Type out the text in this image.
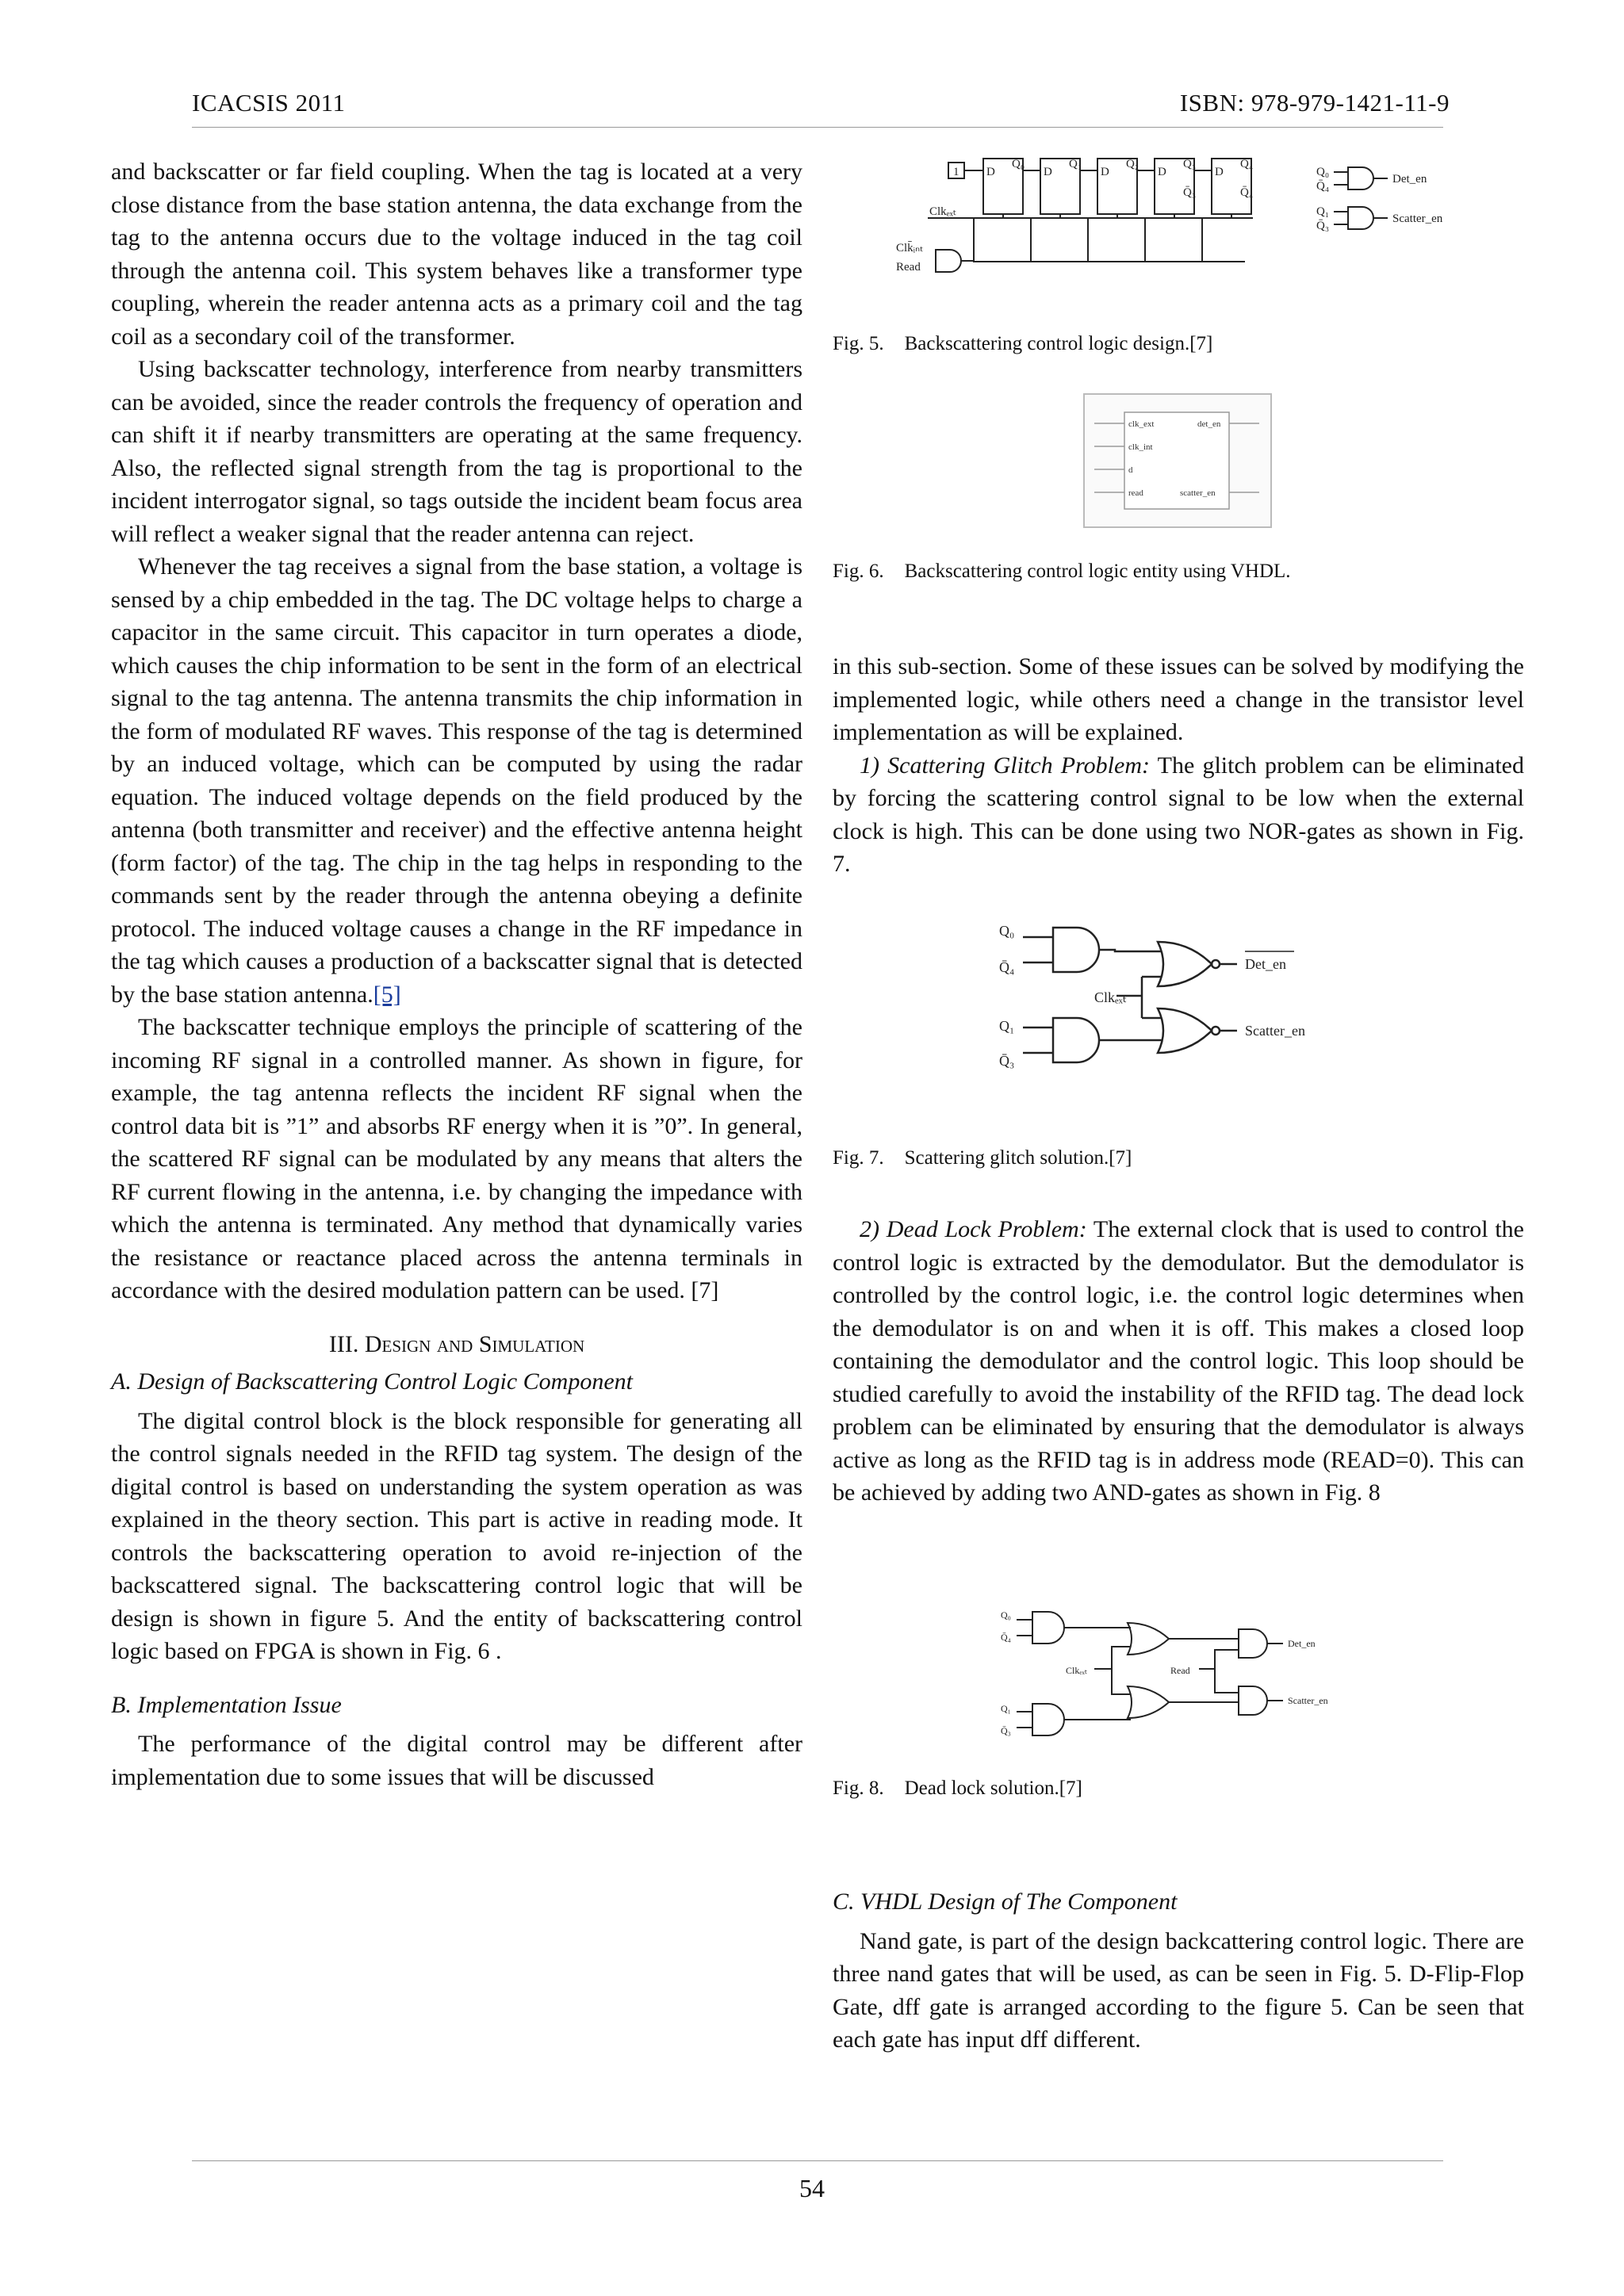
ICACSIS 2011	ISBN: 978-979-1421-11-9

and backscatter or far field coupling. When the tag is located at a very close distance from the base station antenna, the data exchange from the tag to the antenna occurs due to the voltage induced in the tag coil through the antenna coil. This system behaves like a transformer type coupling, wherein the reader antenna acts as a primary coil and the tag coil as a secondary coil of the transformer.

Using backscatter technology, interference from nearby transmitters can be avoided, since the reader controls the frequency of operation and can shift it if nearby transmitters are operating at the same frequency. Also, the reflected signal strength from the tag is proportional to the incident interrogator signal, so tags outside the incident beam focus area will reflect a weaker signal that the reader antenna can reject.

Whenever the tag receives a signal from the base station, a voltage is sensed by a chip embedded in the tag. The DC voltage helps to charge a capacitor in the same circuit. This capacitor in turn operates a diode, which causes the chip information to be sent in the form of an electrical signal to the tag antenna. The antenna transmits the chip information in the form of modulated RF waves. This response of the tag is determined by an induced voltage, which can be computed by using the radar equation. The induced voltage depends on the field produced by the antenna (both transmitter and receiver) and the effective antenna height (form factor) of the tag. The chip in the tag helps in responding to the commands sent by the reader through the antenna obeying a definite protocol. The induced voltage causes a change in the RF impedance in the tag which causes a production of a backscatter signal that is detected by the base station antenna.[5]

The backscatter technique employs the principle of scattering of the incoming RF signal in a controlled manner. As shown in figure, for example, the tag antenna reflects the incident RF signal when the control data bit is ”1” and absorbs RF energy when it is ”0”. In general, the scattered RF signal can be modulated by any means that alters the RF current flowing in the antenna, i.e. by changing the impedance with which the antenna is terminated. Any method that dynamically varies the resistance or reactance placed across the antenna terminals in accordance with the desired modulation pattern can be used. [7]

III. Design and Simulation

A. Design of Backscattering Control Logic Component

The digital control block is the block responsible for generating all the control signals needed in the RFID tag system. The design of the digital control is based on understanding the system operation as was explained in the theory section. This part is active in reading mode. It controls the backscattering operation to avoid re-injection of the backscattered signal. The backscattering control logic that will be design is shown in figure 5. And the entity of backscattering control logic based on FPGA is shown in Fig. 6 .

B. Implementation Issue

The performance of the digital control may be different after implementation due to some issues that will be discussed

1 D
Q₀
D
Q₁
D
Q₂
D
Q₃
D
Q₄
Q̄₃	Q̄₄
Clkₑₓₜ
Clk̄ᵢₙₜ
Read
Q₀
Q̄₄
Q₁
Q̄₃
Det_en
Scatter_en
Fig. 5. Backscattering control logic design.[7]
clk_ext
clk_int
d
read
det_en
scatter_en
Fig. 6. Backscattering control logic entity using VHDL.

in this sub-section. Some of these issues can be solved by modifying the implemented logic, while others need a change in the transistor level implementation as will be explained.

1) Scattering Glitch Problem: The glitch problem can be eliminated by forcing the scattering control signal to be low when the external clock is high. This can be done using two NOR-gates as shown in Fig. 7.

Q₀
Q̄₄
Q₁
Q̄₃
Clkₑₓₜ
Det_en
Scatter_en
Fig. 7. Scattering glitch solution.[7]

2) Dead Lock Problem: The external clock that is used to control the control logic is extracted by the demodulator. But the demodulator is controlled by the control logic, i.e. the control logic determines when the demodulator is on and when it is off. This makes a closed loop containing the demodulator and the control logic. This loop should be studied carefully to avoid the instability of the RFID tag. The dead lock problem can be eliminated by ensuring that the demodulator is always active as long as the RFID tag is in address mode (READ=0). This can be achieved by adding two AND-gates as shown in Fig. 8

Q₀
Q̄₄
Q₁
Q̄₃
Clkₑₓₜ	Read
Det_en
Scatter_en
Fig. 8. Dead lock solution.[7]

C. VHDL Design of The Component

Nand gate, is part of the design backcattering control logic. There are three nand gates that will be used, as can be seen in Fig. 5. D-Flip-Flop Gate, dff gate is arranged according to the figure 5. Can be seen that each gate has input dff different.

54
